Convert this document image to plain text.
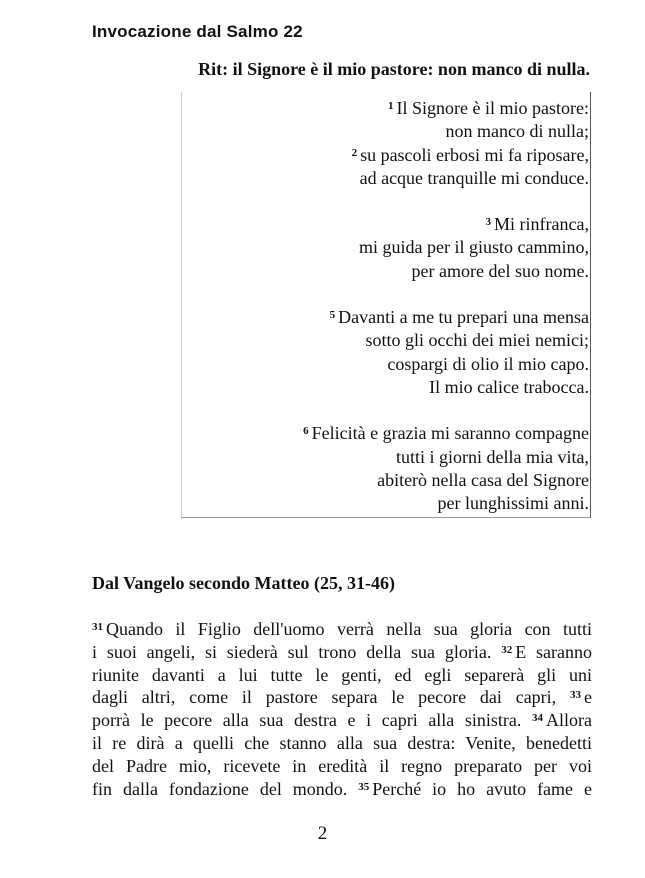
Invocazione dal Salmo 22
Rit: il Signore è il mio pastore: non manco di nulla.
$^1$ Il Signore è il mio pastore:
non manco di nulla;
$^2$ su pascoli erbosi mi fa riposare,
ad acque tranquille mi conduce.
$^3$ Mi rinfranca,
mi guida per il giusto cammino,
per amore del suo nome.
$^5$ Davanti a me tu prepari una mensa
sotto gli occhi dei miei nemici;
cospargi di olio il mio capo.
Il mio calice trabocca.
$^6$ Felicità e grazia mi saranno compagne
tutti i giorni della mia vita,
abiterò nella casa del Signore
per lunghissimi anni.
Dal Vangelo secondo Matteo (25, 31-46)
$^{31}$ Quando il Figlio dell'uomo verrà nella sua gloria con tutti
i suoi angeli, si siederà sul trono della sua gloria. $^{32}$ E saranno
riunite davanti a lui tutte le genti, ed egli separerà gli uni
dagli altri, come il pastore separa le pecore dai capri, $^{33}$ e
porrà le pecore alla sua destra e i capri alla sinistra. $^{34}$ Allora
il re dirà a quelli che stanno alla sua destra: Venite, benedetti
del Padre mio, ricevete in eredità il regno preparato per voi
fin dalla fondazione del mondo. $^{35}$ Perché io ho avuto fame e
2
